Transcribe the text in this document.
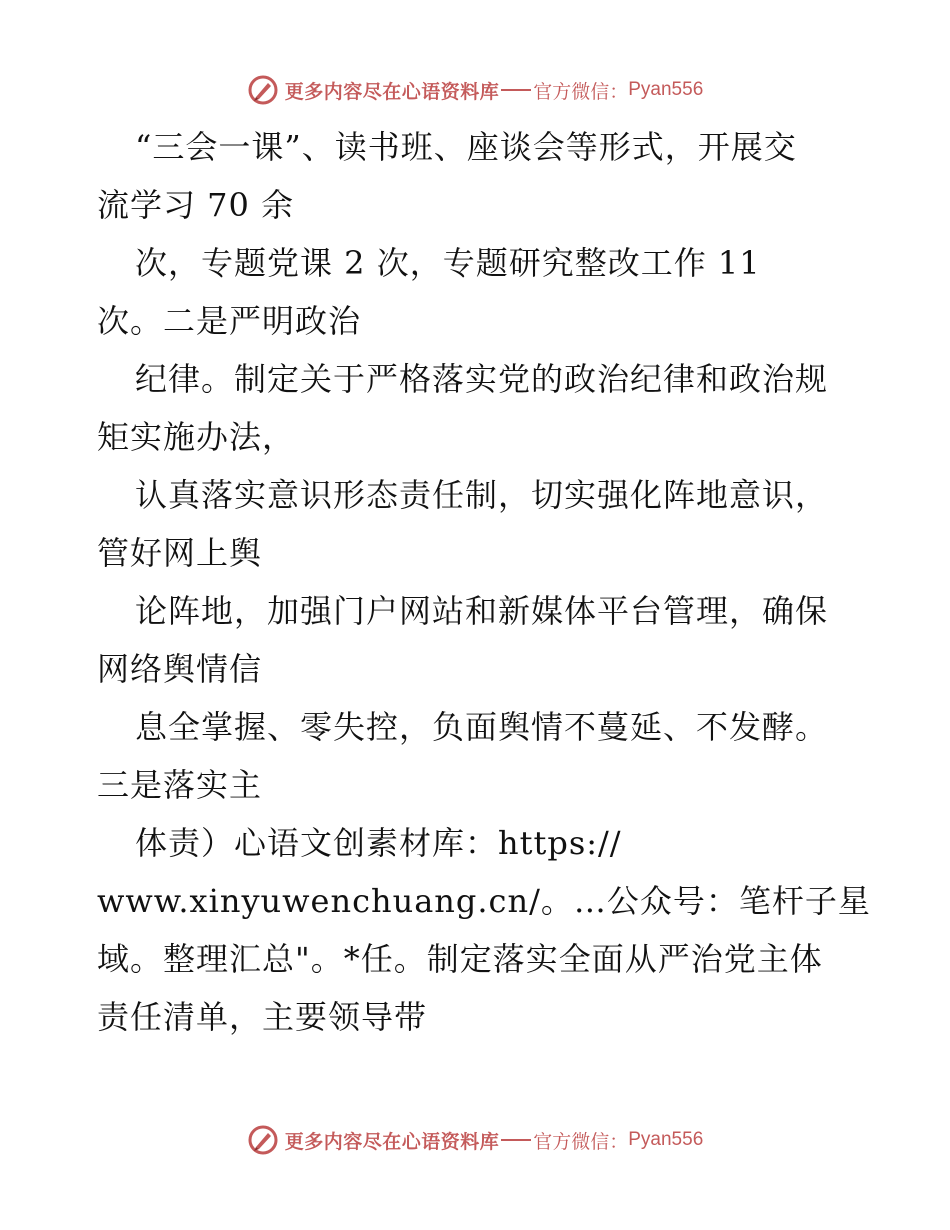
更多内容尽在心语资料库 官方微信： Pyan556
“三会一课”、读书班、座谈会等形式，开展交
流学习 70 余
次，专题党课 2 次，专题研究整改工作 11
次。二是严明政治
纪律。制定关于严格落实党的政治纪律和政治规
矩实施办法，
认真落实意识形态责任制，切实强化阵地意识，
管好网上舆
论阵地，加强门户网站和新媒体平台管理，确保
网络舆情信
息全掌握、零失控，负面舆情不蔓延、不发酵。
三是落实主
体责）心语文创素材库：https://
www.xinyuwenchuang.cn/。…公众号：笔杆子星
域。整理汇总"。*任。制定落实全面从严治党主体
责任清单，主要领导带
更多内容尽在心语资料库 官方微信： Pyan556
